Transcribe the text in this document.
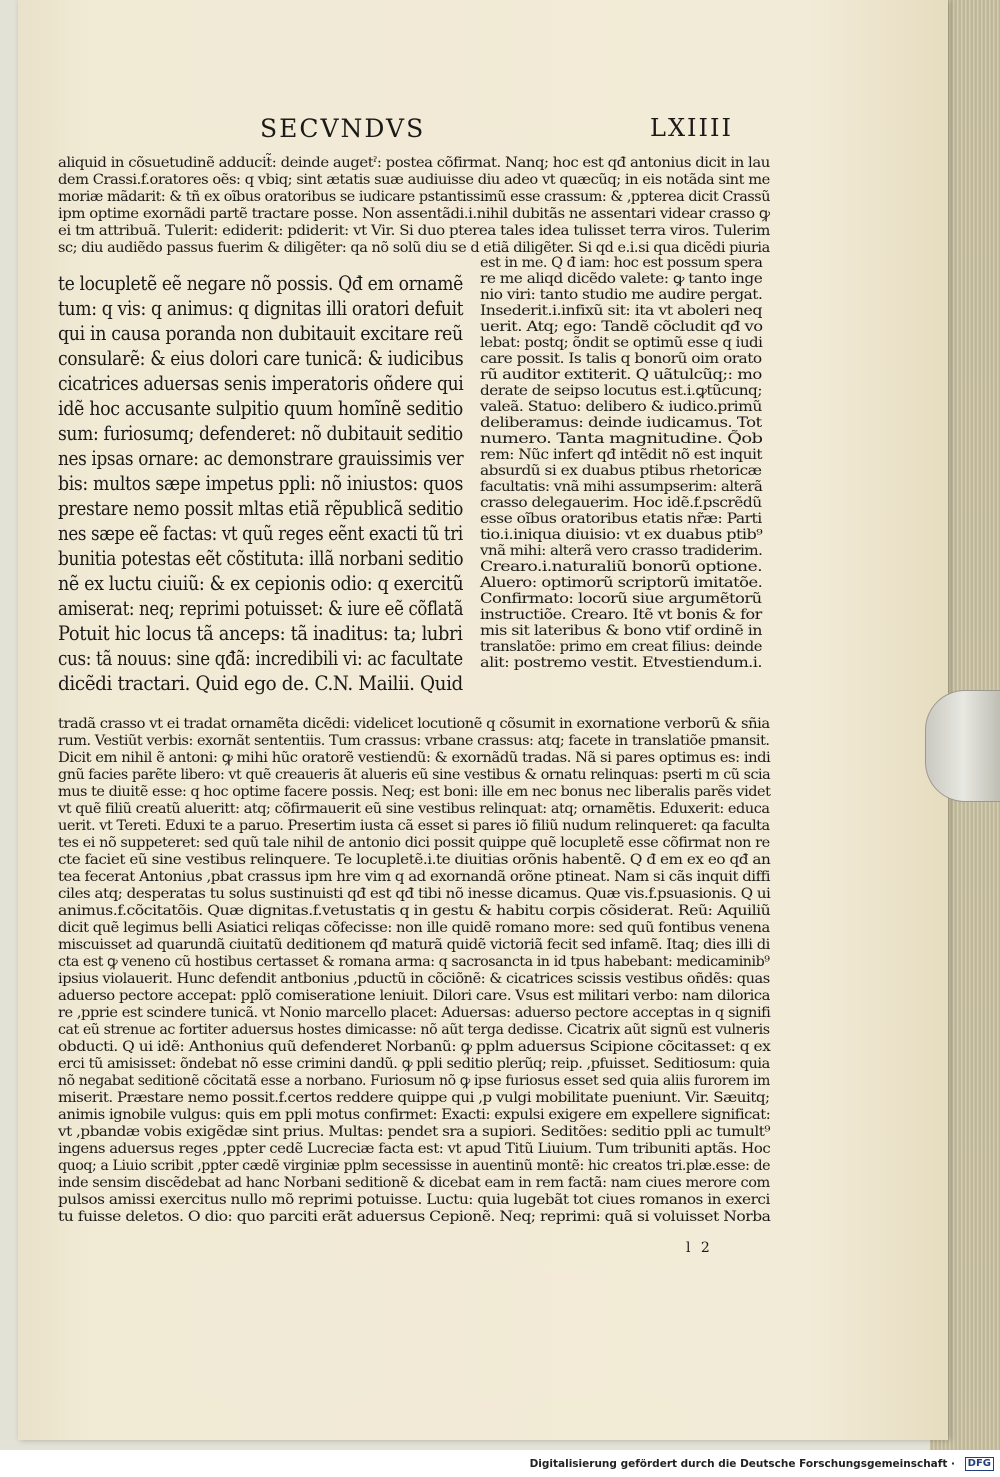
SECVNDVS	LXIIII
aliquid in cõsuetudinẽ adducit̃: deinde augetˀ: postea cõfirmat. Nanq; hoc est qđ antonius dicit in lau
dem Crassi.f.oratores oẽs: q vbiq; sint ætatis suæ audiuisse diu adeo vt quæcũq; in eis notãda sint me
moriæ mãdarit: & tñ ex oĩbus oratoribus se iudicare pstantissimũ esse crassum: & ,ppterea dicit Crassũ
ipm optime exornãdi partẽ tractare posse. Non assentãdi.i.nihil dubitãs ne assentari videar crasso ꝙ
ei tm attribuã. Tulerit: ediderit: pdiderit: vt Vir. Si duo pterea tales idea tulisset terra viros. Tulerim
sc; diu audiẽdo passus fuerim & diligẽter: qa nõ solũ diu se d etiã diligẽter. Si qd e.i.si qua dicẽdi piuria
te locupletẽ eẽ negare nõ possis. Qđ em ornamẽ
tum: q vis: q animus: q dignitas illi oratori defuit
qui in causa poranda non dubitauit excitare reũ
consularẽ: & eius dolori care tunicã: & iudicibus
cicatrices aduersas senis imperatoris oñdere qui
idẽ hoc accusante sulpitio quum homĩnẽ seditio
sum: furiosumq; defenderet: nõ dubitauit seditio
nes ipsas ornare: ac demonstrare grauissimis ver
bis: multos sæpe impetus ppli: nõ iniustos: quos
prestare nemo possit mltas etiã rẽpublicã seditio
nes sæpe eẽ factas: vt quũ reges eẽnt exacti tũ tri
bunitia potestas eẽt cõstituta: illã norbani seditio
nẽ ex luctu ciuiũ: & ex cepionis odio: q exercitũ
amiserat: neq; reprimi potuisset: & iure eẽ cõflatã
Potuit hic locus tã anceps: tã inaditus: ta; lubri
cus: tã nouus: sine qđã: incredibili vi: ac facultate
dicẽdi tractari. Quid ego de. C.N. Mailii. Quid
est in me. Q đ iam: hoc est possum spera
re me aliqd dicẽdo valete: ꝙ tanto inge
nio viri: tanto studio me audire pergat.
Insederit.i.infixũ sit: ita vt aboleri neq
uerit. Atq; ego: Tandẽ cõcludit qđ vo
lebat: postq; õndit se optimũ esse q iudi
care possit. Is talis q bonorũ oim orato
rũ auditor extiterit. Q uãtulcũq;: mo
derate de seipso locutus est.i.ꝙtũcunq;
valeã. Statuo: delibero & iudico.primũ
deliberamus: deinde iudicamus. Tot
numero. Tanta magnitudine. Q̃ob
rem: Nũc infert qđ intẽdit nõ est inquit
absurdũ si ex duabus ptibus rhetoricæ
facultatis: vnã mihi assumpserim: alterã
crasso delegauerim. Hoc idẽ.f.pscrẽdũ
esse oĩbus oratoribus etatis nr̃æ: Parti
tio.i.iniqua diuisio: vt ex duabus ptib⁹
vnã mihi: alterã vero crasso tradiderim.
Crearo.i.naturaliũ bonorũ optione.
Aluero: optimorũ scriptorũ imitatõe.
Confirmato: locorũ siue argumẽtorũ
instructiõe. Crearo. Itẽ vt bonis & for
mis sit lateribus & bono vtif ordinẽ in
translatõe: primo em creat filius: deinde
alit: postremo vestit. Etvestiendum.i.
tradã crasso vt ei tradat ornamẽta dicẽdi: videlicet locutionẽ q cõsumit in exornatione verborũ & sñia
rum. Vestiũt verbis: exornãt sententiis. Tum crassus: vrbane crassus: atq; facete in translatiõe pmansit.
Dicit em nihil ẽ antoni: ꝙ mihi hũc oratorẽ vestiendũ: & exornãdũ tradas. Nã si pares optimus es: indi
gnũ facies parẽte libero: vt quẽ creaueris ãt alueris eũ sine vestibus & ornatu relinquas: pserti m cũ scia
mus te diuitẽ esse: q hoc optime facere possis. Neq; est boni: ille em nec bonus nec liberalis parẽs videt
vt quẽ filiũ creatũ alueritt: atq; cõfirmauerit eũ sine vestibus relinquat: atq; ornamẽtis. Eduxerit: educa
uerit. vt Tereti. Eduxi te a paruo. Presertim iusta cã esset si pares iõ filiũ nudum relinqueret: qa faculta
tes ei nõ suppeteret: sed quũ tale nihil de antonio dici possit quippe quẽ locupletẽ esse cõfirmat non re
cte faciet eũ sine vestibus relinquere. Te locupletẽ.i.te diuitias orõnis habentẽ. Q đ em ex eo qđ an
tea fecerat Antonius ,pbat crassus ipm hre vim q ad exornandã orõne ptineat. Nam si cãs inquit diffi
ciles atq; desperatas tu solus sustinuisti qđ est qđ tibi nõ inesse dicamus. Quæ vis.f.psuasionis. Q ui
animus.f.cõcitatõis. Quæ dignitas.f.vetustatis q in gestu & habitu corpis cõsiderat. Reũ: Aquiliũ
dicit quẽ legimus belli Asiatici reliqas cõfecisse: non ille quidẽ romano more: sed quũ fontibus venena
miscuisset ad quarundã ciuitatũ deditionem qđ maturã quidẽ victoriã fecit sed infamẽ. Itaq; dies illi di
cta est ꝙ veneno cũ hostibus certasset & romana arma: q sacrosancta in id tpus habebant: medicaminib⁹
ipsius violauerit. Hunc defendit antbonius ,pductũ in cõciõnẽ: & cicatrices scissis vestibus oñdẽs: quas
aduerso pectore accepat: pplõ comiseratione leniuit. Dilori care. Vsus est militari verbo: nam dilorica
re ,pprie est scindere tunicã. vt Nonio marcello placet: Aduersas: aduerso pectore acceptas in q signifi
cat eũ strenue ac fortiter aduersus hostes dimicasse: nõ aũt terga dedisse. Cicatrix aũt signũ est vulneris
obducti. Q ui idẽ: Anthonius quũ defenderet Norbanũ: ꝙ pplm aduersus Scipione cõcitasset: q ex
erci tũ amisisset: õndebat nõ esse crimini dandũ. ꝙ ppli seditio plerũq; reip. ,pfuisset. Seditiosum: quia
nõ negabat seditionẽ cõcitatã esse a norbano. Furiosum nõ ꝙ ipse furiosus esset sed quia aliis furorem im
miserit. Præstare nemo possit.f.certos reddere quippe qui ,p vulgi mobilitate pueniunt. Vir. Sæuitq;
animis ignobile vulgus: quis em ppli motus confirmet: Exacti: expulsi exigere em expellere significat:
vt ,pbandæ vobis exigẽdæ sint prius. Multas: pendet sra a supiori. Seditões: seditio ppli ac tumult⁹
ingens aduersus reges ,ppter cedẽ Lucreciæ facta est: vt apud Titũ Liuium. Tum tribuniti aptãs. Hoc
quoq; a Liuio scribit ,ppter cædẽ virginiæ pplm secessisse in auentinũ montẽ: hic creatos tri.plæ.esse: de
inde sensim discẽdebat ad hanc Norbani seditionẽ & dicebat eam in rem factã: nam ciues merore com
pulsos amissi exercitus nullo mõ reprimi potuisse. Luctu: quia lugebãt tot ciues romanos in exerci
tu fuisse deletos. O dio: quo parciti erãt aduersus Cepionẽ. Neq; reprimi: quã si voluisset Norba
l 2
Digitalisierung gefördert durch die Deutsche Forschungsgemeinschaft ·	DFG
